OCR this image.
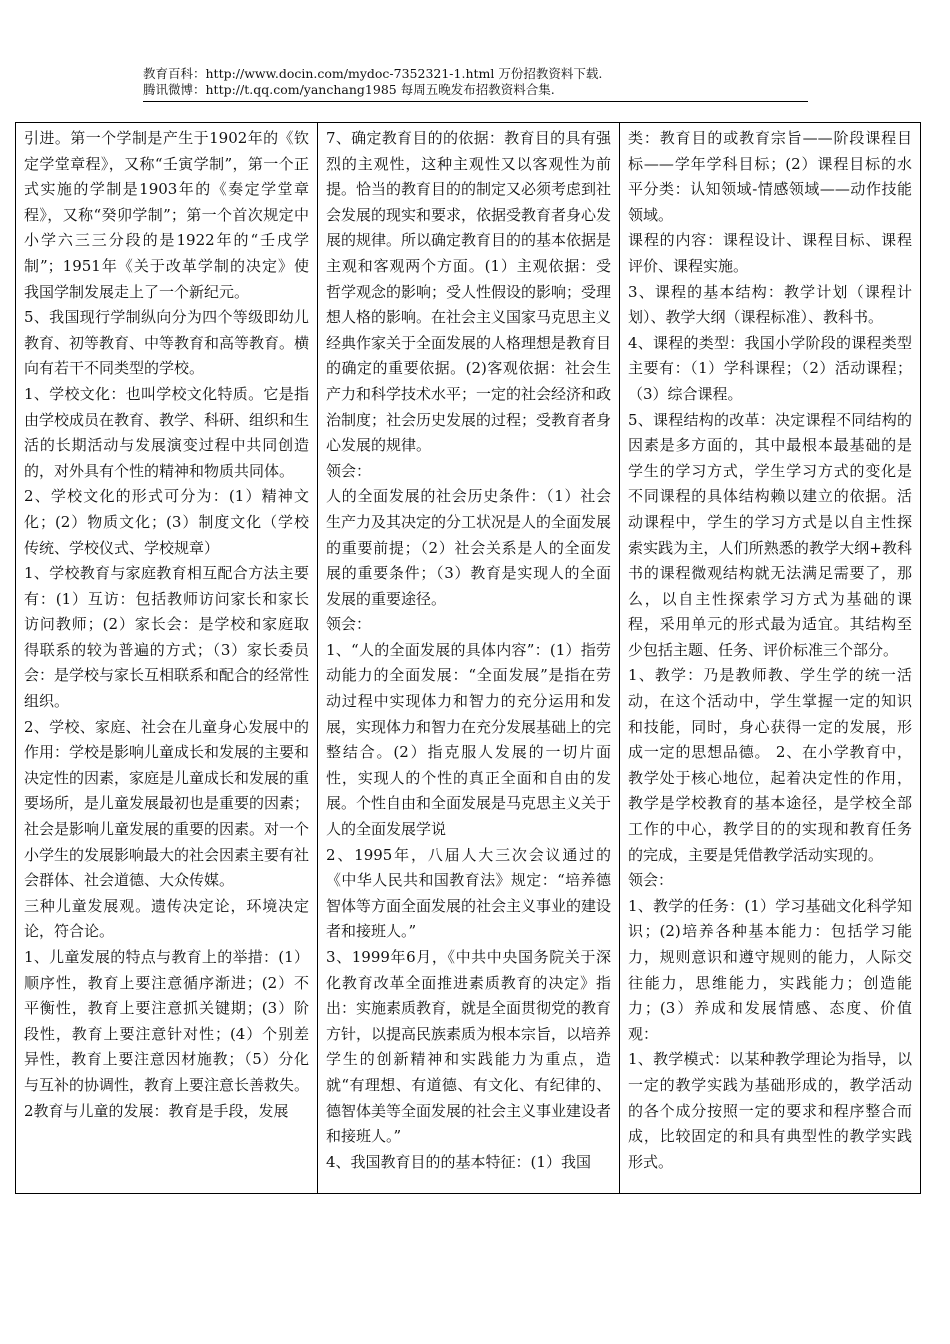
教育百科：http://www.docin.com/mydoc-7352321-1.html 万份招教资料下载.
腾讯微博：http://t.qq.com/yanchang1985 每周五晚发布招教资料合集.

引进。第一个学制是产生于1902年的《钦定学堂章程》，又称“壬寅学制”，第一个正式实施的学制是1903年的《奏定学堂章程》，又称“癸卯学制”；第一个首次规定中小学六三三分段的是1922年的“壬戌学制”；1951年《关于改革学制的决定》使我国学制发展走上了一个新纪元。

5、我国现行学制纵向分为四个等级即幼儿教育、初等教育、中等教育和高等教育。横向有若干不同类型的学校。

1、学校文化：也叫学校文化特质。它是指由学校成员在教育、教学、科研、组织和生活的长期活动与发展演变过程中共同创造的，对外具有个性的精神和物质共同体。

2、学校文化的形式可分为：(1）精神文化；(2）物质文化；(3）制度文化（学校传统、学校仪式、学校规章）

1、学校教育与家庭教育相互配合方法主要有：(1）互访：包括教师访问家长和家长访问教师；(2）家长会：是学校和家庭取得联系的较为普遍的方式；（3）家长委员会：是学校与家长互相联系和配合的经常性组织。

2、学校、家庭、社会在儿童身心发展中的作用：学校是影响儿童成长和发展的主要和决定性的因素，家庭是儿童成长和发展的重要场所，是儿童发展最初也是重要的因素；社会是影响儿童发展的重要的因素。对一个小学生的发展影响最大的社会因素主要有社会群体、社会道德、大众传媒。

三种儿童发展观。遗传决定论，环境决定论，符合论。

1、儿童发展的特点与教育上的举措：(1）顺序性，教育上要注意循序渐进；(2）不平衡性，教育上要注意抓关键期；(3）阶段性，教育上要注意针对性；(4）个别差异性，教育上要注意因材施教；（5）分化与互补的协调性，教育上要注意长善救失。

2教育与儿童的发展：教育是手段，发展

7、确定教育目的的依据：教育目的具有强烈的主观性，这种主观性又以客观性为前提。恰当的教育目的的制定又必须考虑到社会发展的现实和要求，依据受教育者身心发展的规律。所以确定教育目的的基本依据是主观和客观两个方面。(1）主观依据：受哲学观念的影响；受人性假设的影响；受理想人格的影响。在社会主义国家马克思主义经典作家关于全面发展的人格理想是教育目的确定的重要依据。(2)客观依据：社会生产力和科学技术水平；一定的社会经济和政治制度；社会历史发展的过程；受教育者身心发展的规律。

领会：

人的全面发展的社会历史条件：（1）社会生产力及其决定的分工状况是人的全面发展的重要前提；（2）社会关系是人的全面发展的重要条件；（3）教育是实现人的全面发展的重要途径。

领会：

1、“人的全面发展的具体内容”：(1）指劳动能力的全面发展：“全面发展”是指在劳动过程中实现体力和智力的充分运用和发展，实现体力和智力在充分发展基础上的完整结合。(2）指克服人发展的一切片面性，实现人的个性的真正全面和自由的发展。个性自由和全面发展是马克思主义关于人的全面发展学说

2、1995年，八届人大三次会议通过的《中华人民共和国教育法》规定：“培养德智体等方面全面发展的社会主义事业的建设者和接班人。”

3、1999年6月，《中共中央国务院关于深化教育改革全面推进素质教育的决定》指出：实施素质教育，就是全面贯彻党的教育方针，以提高民族素质为根本宗旨，以培养学生的创新精神和实践能力为重点，造就“有理想、有道德、有文化、有纪律的、德智体美等全面发展的社会主义事业建设者和接班人。”

4、我国教育目的的基本特征：(1）我国

类：教育目的或教育宗旨——阶段课程目标——学年学科目标；(2）课程目标的水平分类：认知领域-情感领域——动作技能领域。

课程的内容：课程设计、课程目标、课程评价、课程实施。

3、课程的基本结构：教学计划（课程计划）、教学大纲（课程标准）、教科书。

4、课程的类型：我国小学阶段的课程类型主要有：（1）学科课程；（2）活动课程；（3）综合课程。

5、课程结构的改革：决定课程不同结构的因素是多方面的，其中最根本最基础的是学生的学习方式，学生学习方式的变化是不同课程的具体结构赖以建立的依据。活动课程中，学生的学习方式是以自主性探索实践为主，人们所熟悉的教学大纲+教科书的课程微观结构就无法满足需要了，那么，以自主性探索学习方式为基础的课程，采用单元的形式最为适宜。其结构至少包括主题、任务、评价标准三个部分。

1、教学：乃是教师教、学生学的统一活动，在这个活动中，学生掌握一定的知识和技能，同时，身心获得一定的发展，形成一定的思想品德。 2、在小学教育中，教学处于核心地位，起着决定性的作用，教学是学校教育的基本途径，是学校全部工作的中心，教学目的的实现和教育任务的完成，主要是凭借教学活动实现的。

领会：

1、教学的任务：(1）学习基础文化科学知识；(2)培养各种基本能力：包括学习能力，规则意识和遵守规则的能力，人际交往能力，思维能力，实践能力；创造能力；(3）养成和发展情感、态度、价值观：

1、教学模式：以某种教学理论为指导，以一定的教学实践为基础形成的，教学活动的各个成分按照一定的要求和程序整合而成，比较固定的和具有典型性的教学实践形式。
